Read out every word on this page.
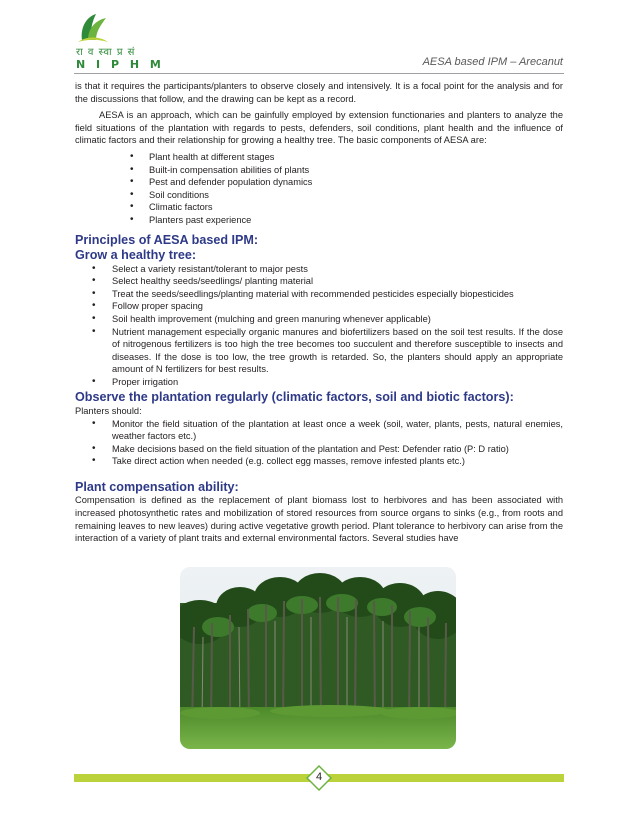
रा व स्वा प्र सं
N I P H M	AESA based IPM – Arecanut

is that it requires the participants/planters to observe closely and intensively. It is a focal point for the analysis and for the discussions that follow, and the drawing can be kept as a record.

AESA is an approach, which can be gainfully employed by extension functionaries and planters to analyze the field situations of the plantation with regards to pests, defenders, soil conditions, plant health and the influence of climatic factors and their relationship for growing a healthy tree. The basic components of AESA are:

• Plant health at different stages
• Built-in compensation abilities of plants
• Pest and defender population dynamics
• Soil conditions
• Climatic factors
• Planters past experience
Principles of AESA based IPM:
Grow a healthy tree:
• Select a variety resistant/tolerant to major pests
• Select healthy seeds/seedlings/ planting material
• Treat the seeds/seedlings/planting material with recommended pesticides especially biopesticides
• Follow proper spacing
• Soil health improvement (mulching and green manuring whenever applicable)
• Nutrient management especially organic manures and biofertilizers based on the soil test results. If the dose of nitrogenous fertilizers is too high the tree becomes too succulent and therefore susceptible to insects and diseases. If the dose is too low, the tree growth is retarded. So, the planters should apply an appropriate amount of N fertilizers for best results.
• Proper irrigation
Observe the plantation regularly (climatic factors, soil and biotic factors):

Planters should:

• Monitor the field situation of the plantation at least once a week (soil, water, plants, pests, natural enemies, weather factors etc.)
• Make decisions based on the field situation of the plantation and Pest: Defender ratio (P: D ratio)
• Take direct action when needed (e.g. collect egg masses, remove infested plants etc.)
Plant compensation ability:

Compensation is defined as the replacement of plant biomass lost to herbivores and has been associated with increased photosynthetic rates and mobilization of stored resources from source organs to sinks (e.g., from roots and remaining leaves to new leaves) during active vegetative growth period. Plant tolerance to herbivory can arise from the interaction of a variety of plant traits and external environmental factors. Several studies have

4
